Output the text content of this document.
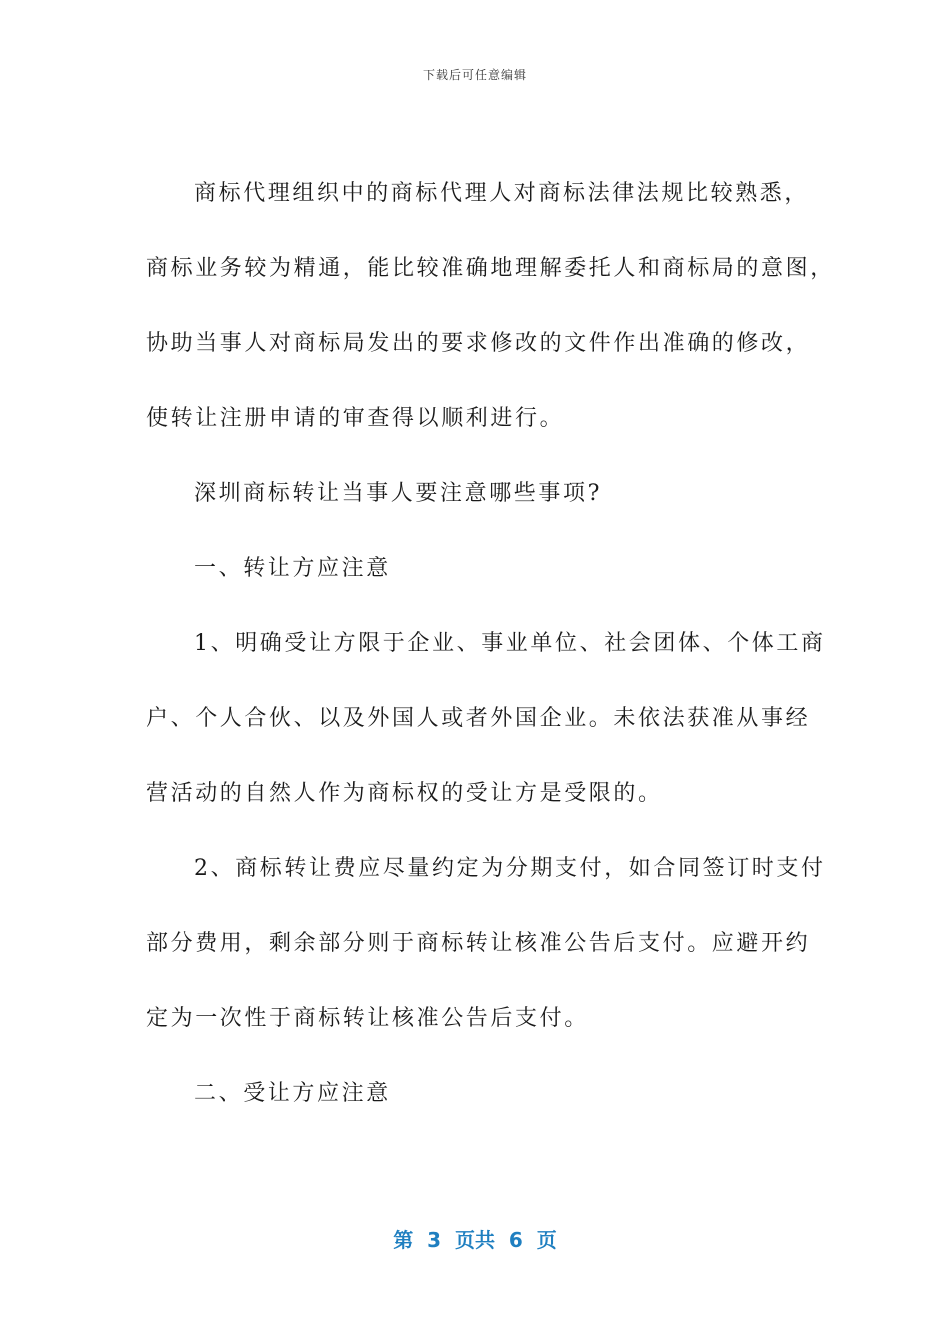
下载后可任意编辑
商标代理组织中的商标代理人对商标法律法规比较熟悉，
商标业务较为精通，能比较准确地理解委托人和商标局的意图，
协助当事人对商标局发出的要求修改的文件作出准确的修改，
使转让注册申请的审查得以顺利进行。
深圳商标转让当事人要注意哪些事项?
一、转让方应注意
1、明确受让方限于企业、事业单位、社会团体、个体工商
户、个人合伙、以及外国人或者外国企业。未依法获准从事经
营活动的自然人作为商标权的受让方是受限的。
2、商标转让费应尽量约定为分期支付，如合同签订时支付
部分费用，剩余部分则于商标转让核准公告后支付。应避开约
定为一次性于商标转让核准公告后支付。
二、受让方应注意
第  3  页共  6  页
